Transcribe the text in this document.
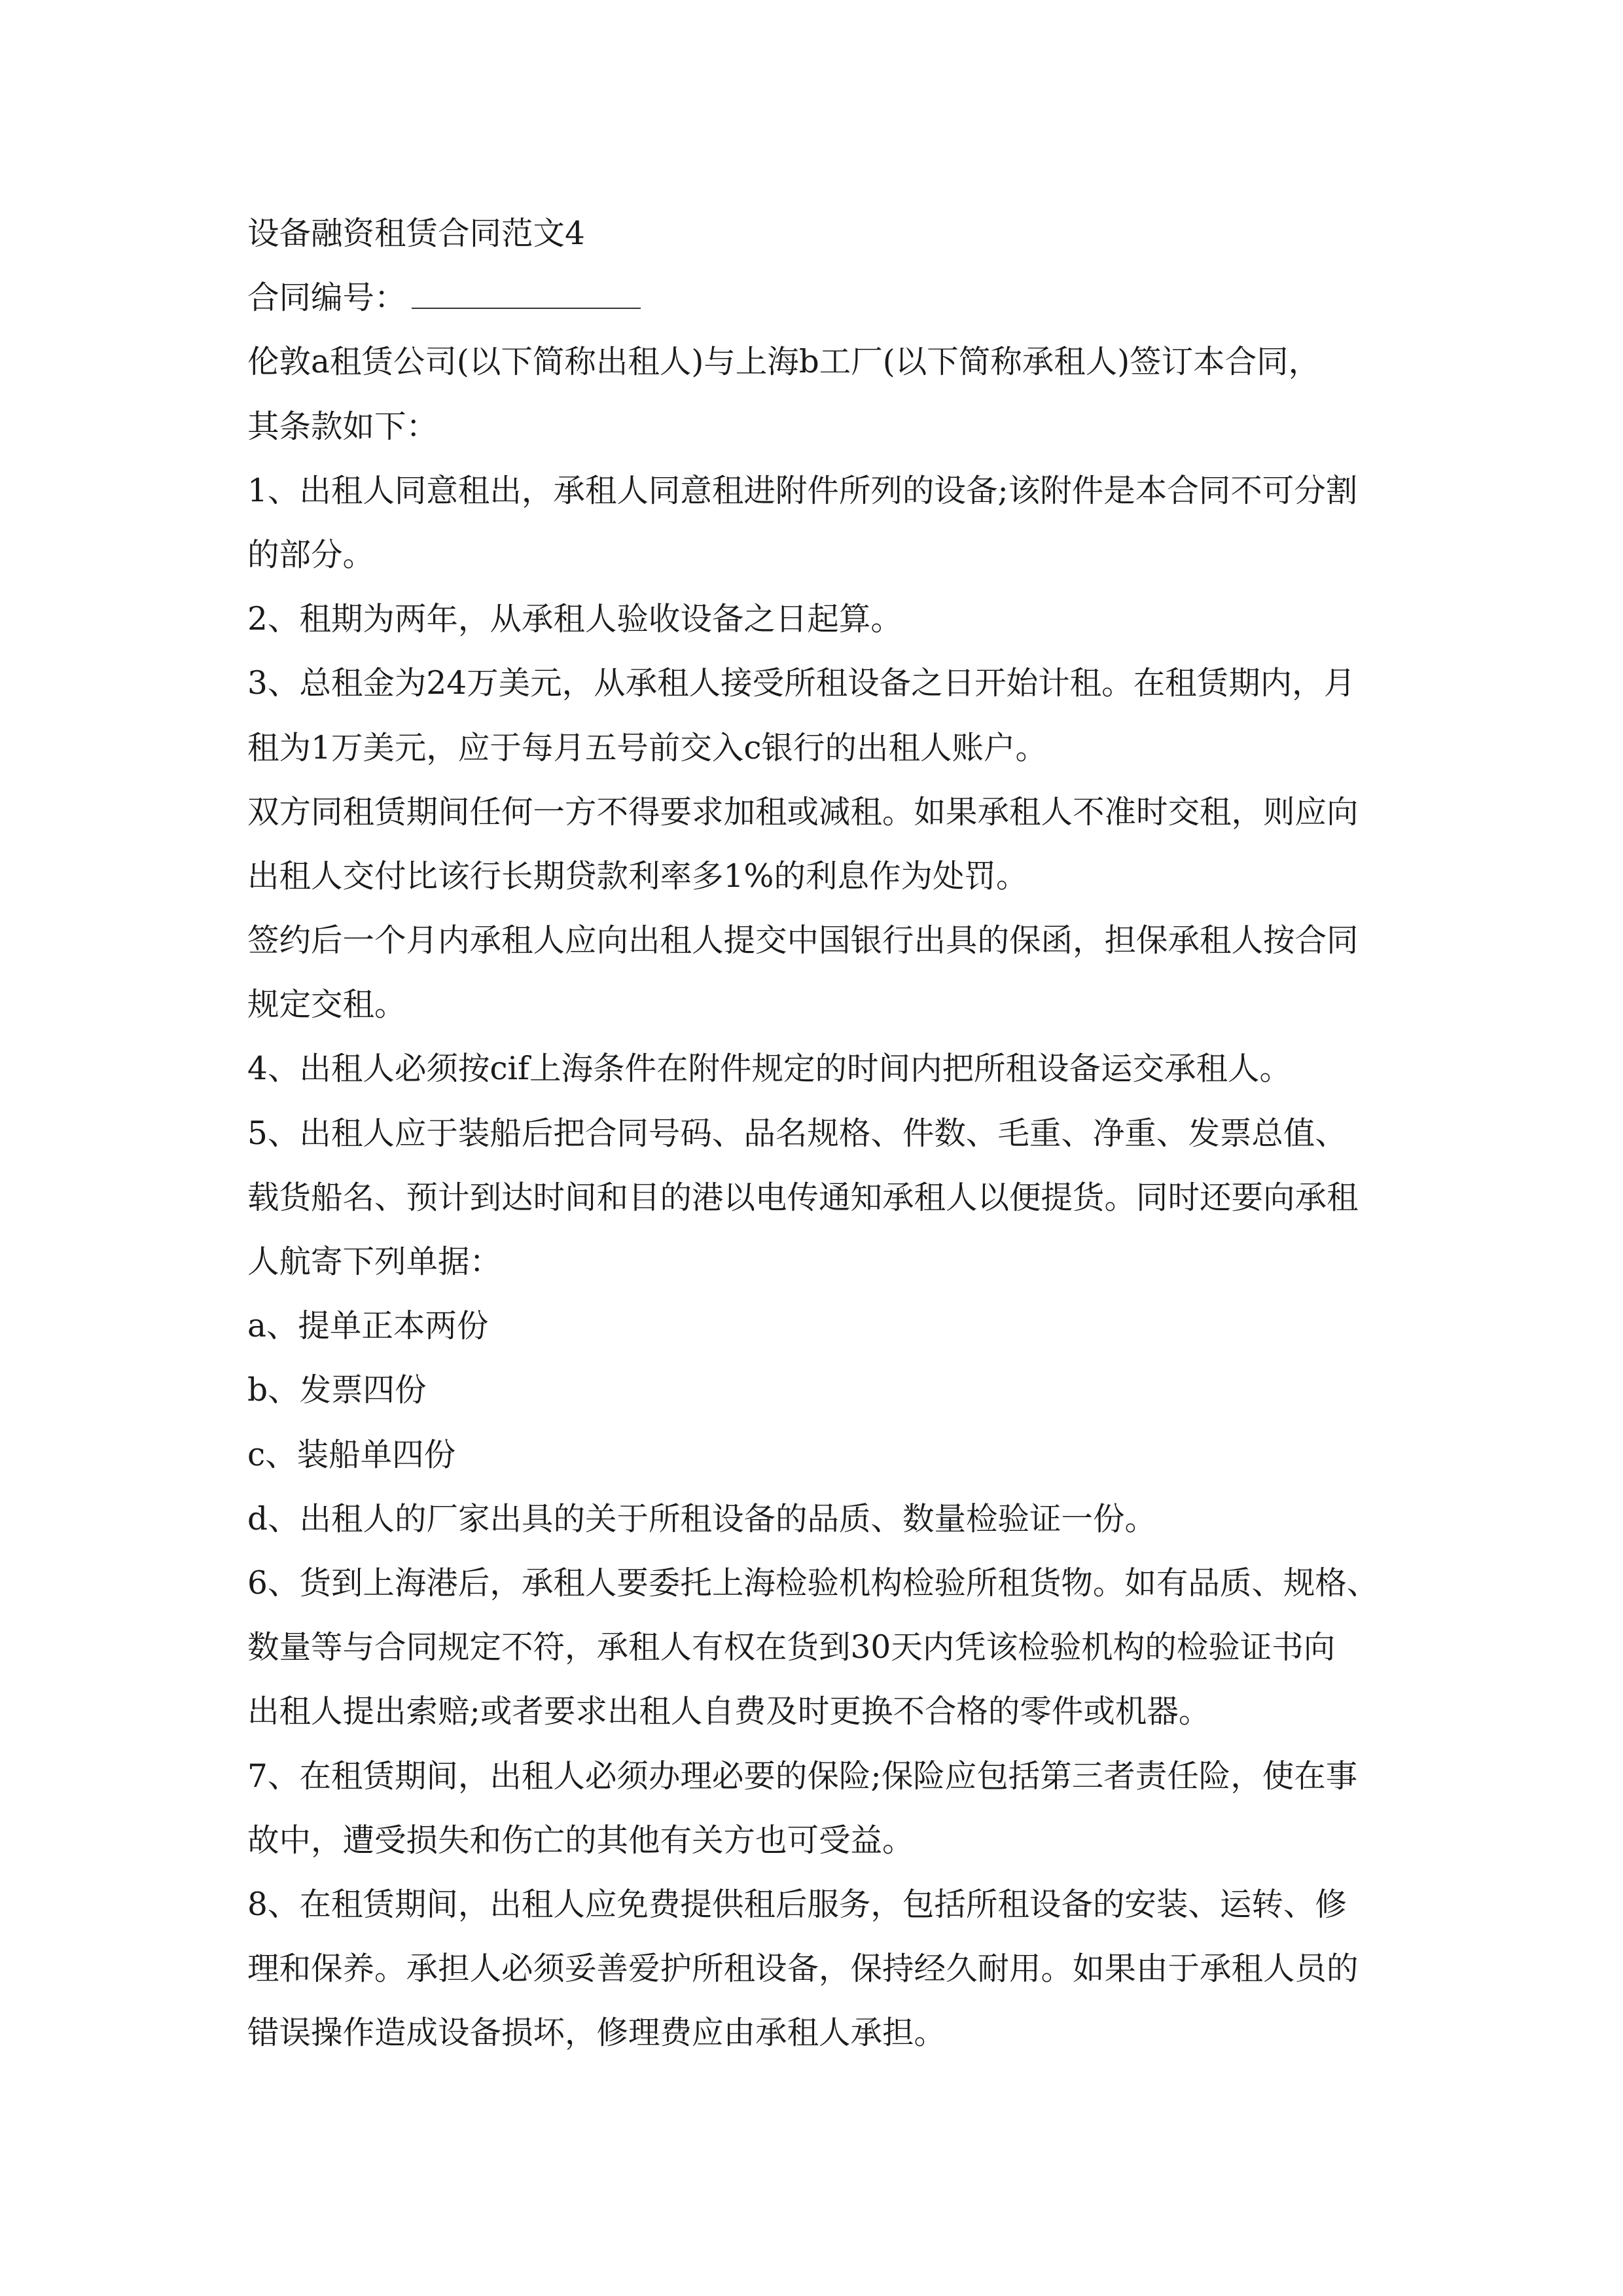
设备融资租赁合同范文4
合同编号：
伦敦a租赁公司(以下简称出租人)与上海b工厂(以下简称承租人)签订本合同，
其条款如下：
1、出租人同意租出，承租人同意租进附件所列的设备;该附件是本合同不可分割
的部分。
2、租期为两年，从承租人验收设备之日起算。
3、总租金为24万美元，从承租人接受所租设备之日开始计租。在租赁期内，月
租为1万美元，应于每月五号前交入c银行的出租人账户。
双方同租赁期间任何一方不得要求加租或减租。如果承租人不准时交租，则应向
出租人交付比该行长期贷款利率多1%的利息作为处罚。
签约后一个月内承租人应向出租人提交中国银行出具的保函，担保承租人按合同
规定交租。
4、出租人必须按cif上海条件在附件规定的时间内把所租设备运交承租人。
5、出租人应于装船后把合同号码、品名规格、件数、毛重、净重、发票总值、
载货船名、预计到达时间和目的港以电传通知承租人以便提货。同时还要向承租
人航寄下列单据：
a、提单正本两份
b、发票四份
c、装船单四份
d、出租人的厂家出具的关于所租设备的品质、数量检验证一份。
6、货到上海港后，承租人要委托上海检验机构检验所租货物。如有品质、规格、
数量等与合同规定不符，承租人有权在货到30天内凭该检验机构的检验证书向
出租人提出索赔;或者要求出租人自费及时更换不合格的零件或机器。
7、在租赁期间，出租人必须办理必要的保险;保险应包括第三者责任险，使在事
故中，遭受损失和伤亡的其他有关方也可受益。
8、在租赁期间，出租人应免费提供租后服务，包括所租设备的安装、运转、修
理和保养。承担人必须妥善爱护所租设备，保持经久耐用。如果由于承租人员的
错误操作造成设备损坏，修理费应由承租人承担。
